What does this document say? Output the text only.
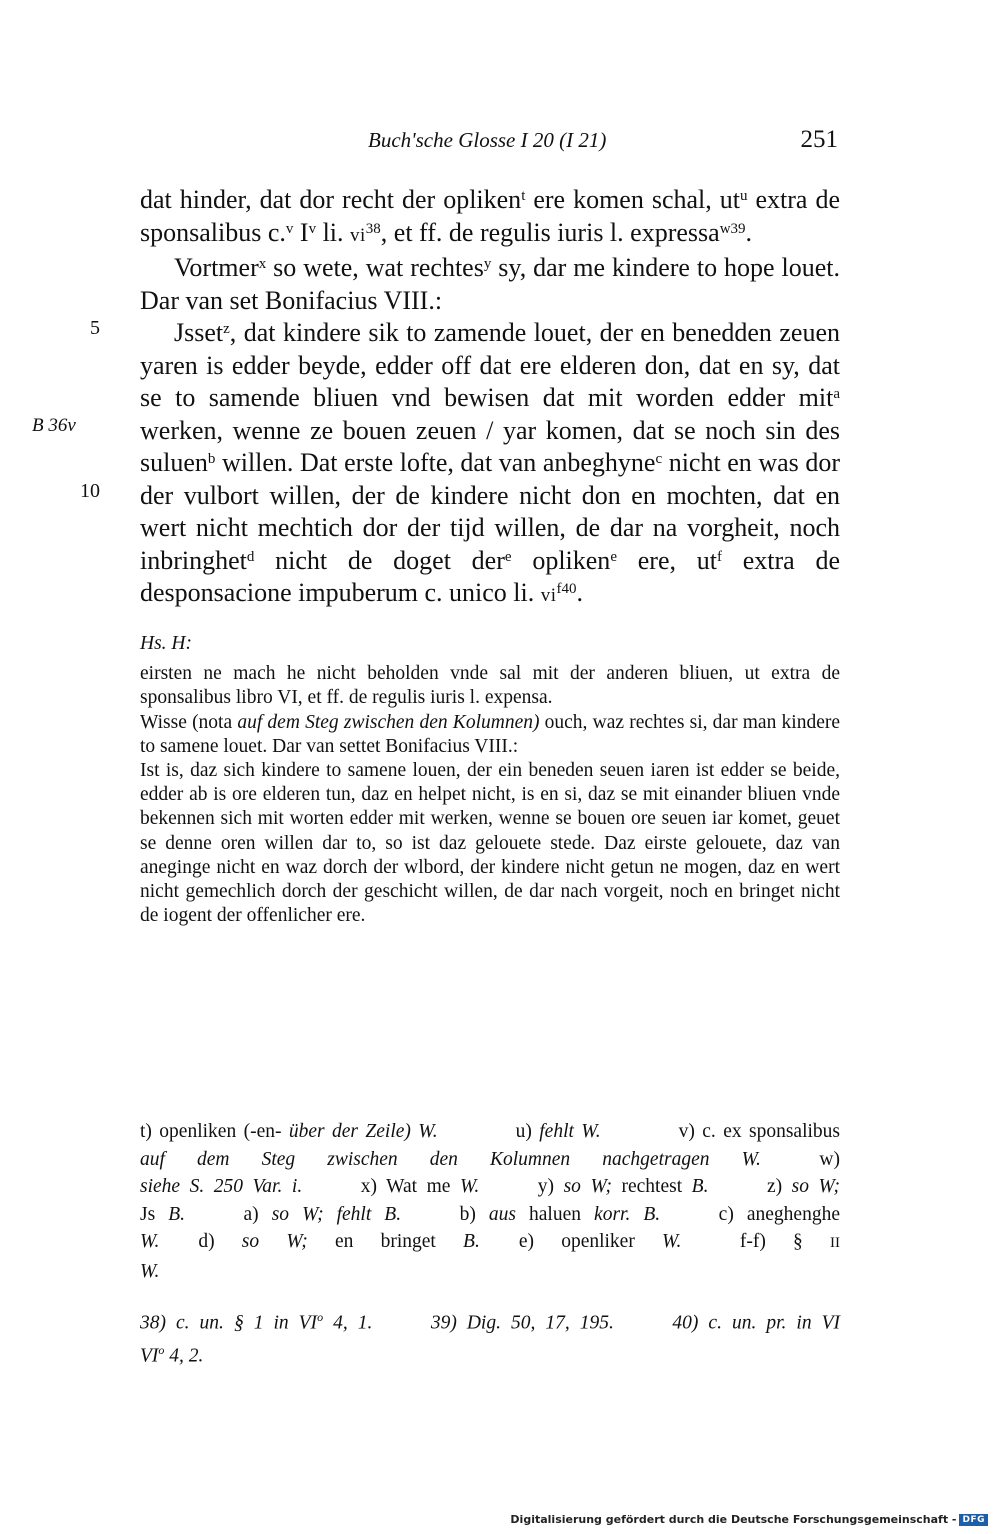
Buch'sche Glosse I 20 (I 21)	251
5
10
B 36v

dat hinder, dat dor recht der opliken$^t$ ere komen schal, $ut^u$ extra de sponsalibus c.$^v$ $I^v$ li. $vi^{38}$, et ff. de regulis iuris l. expressa$^{w39}$.

Vortmer$^x$ so wete, wat rechtes$^y$ sy, dar me kindere to hope louet. Dar van set Bonifacius VIII.:

Jsset$^z$, dat kindere sik to zamende louet, der en benedden zeuen yaren is edder beyde, edder off dat ere elderen don, dat en sy, dat se to samende bliuen vnd bewisen dat mit worden edder mit$^a$ werken, wenne ze bouen zeuen / yar komen, dat se noch sin des suluen$^b$ willen. Dat erste lofte, dat van anbeghyne$^c$ nicht en was dor der vulbort willen, der de kindere nicht don en mochten, dat en wert nicht mechtich dor der tijd willen, de dar na vorgheit, noch inbringhet$^d$ nicht de doget der$^e$ opliken$^e$ ere, $ut^f$ extra de desponsacione impuberum c. unico li. $vi^{f40}$.

Hs. H:

eirsten ne mach he nicht beholden vnde sal mit der anderen bliuen, ut extra de sponsalibus libro VI, et ff. de regulis iuris l. expensa.

Wisse (nota auf dem Steg zwischen den Kolumnen) ouch, waz rechtes si, dar man kindere to samene louet. Dar van settet Bonifacius VIII.:

Ist is, daz sich kindere to samene louen, der ein beneden seuen iaren ist edder se beide, edder ab is ore elderen tun, daz en helpet nicht, is en si, daz se mit einander bliuen vnde bekennen sich mit worten edder mit werken, wenne se bouen ore seuen iar komet, geuet se denne oren willen dar to, so ist daz gelouete stede. Daz eirste gelouete, daz van aneginge nicht en waz dorch der wlbord, der kindere nicht getun ne mogen, daz en wert nicht gemechlich dorch der geschicht willen, de dar nach vorgeit, noch en bringet nicht de iogent der offenlicher ere.

t) openliken (-en- über der Zeile) W.    	u) fehlt W.    	v) c. ex sponsalibus

auf dem Steg zwischen den Kolumnen nachgetragen W.   	w)

siehe S. 250 Var. i.   	x) Wat me W.   	y) so W; rechtest B.   	z) so W;

Js B.   	a) so W; fehlt B.   	b) aus haluen korr. B.   	c) aneghenghe

W.   d) so W; en bringet B.   e) openliker W.   	f-f) § II

W.

38) c. un. § 1 in $VI^o$ 4, 1.   	39) Dig. 50, 17, 195.   	40) c. un. pr. in VI

$VI^o$ 4, 2.

Digitalisierung gefördert durch die Deutsche Forschungsgemeinschaft - DFG
